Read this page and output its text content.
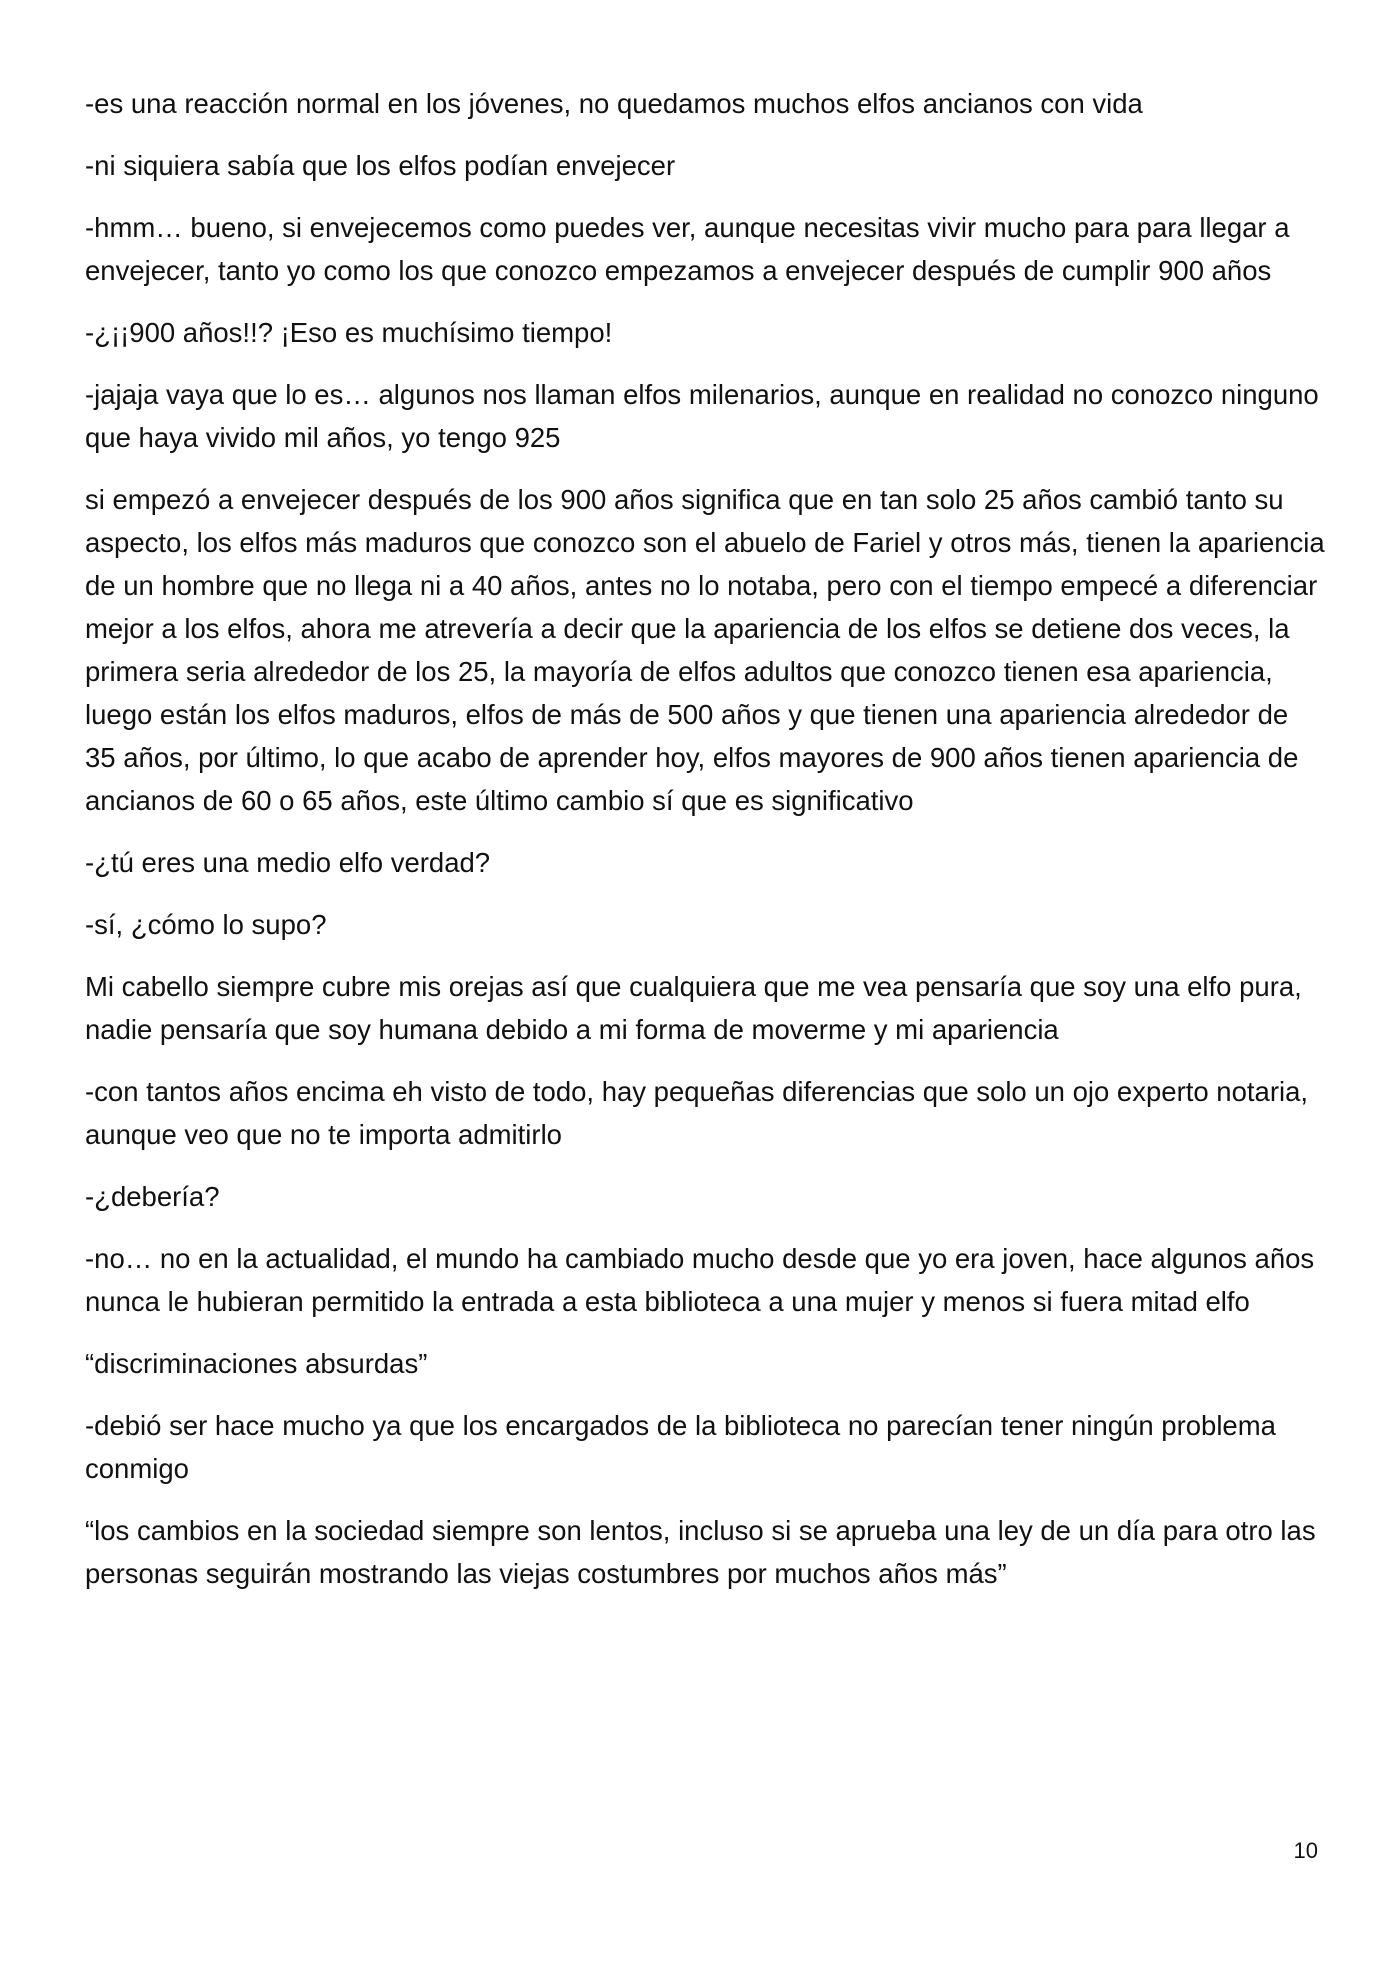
-es una reacción normal en los jóvenes, no quedamos muchos elfos ancianos con vida

-ni siquiera sabía que los elfos podían envejecer

-hmm… bueno, si envejecemos como puedes ver, aunque necesitas vivir mucho para para llegar a envejecer, tanto yo como los que conozco empezamos a envejecer después de cumplir 900 años

-¿¡¡900 años!!? ¡Eso es muchísimo tiempo!

-jajaja vaya que lo es… algunos nos llaman elfos milenarios, aunque en realidad no conozco ninguno que haya vivido mil años, yo tengo 925

si empezó a envejecer después de los 900 años significa que en tan solo 25 años cambió tanto su aspecto, los elfos más maduros que conozco son el abuelo de Fariel y otros más, tienen la apariencia de un hombre que no llega ni a 40 años, antes no lo notaba, pero con el tiempo empecé a diferenciar mejor a los elfos, ahora me atrevería a decir que la apariencia de los elfos se detiene dos veces, la primera seria alrededor de los 25, la mayoría de elfos adultos que conozco tienen esa apariencia, luego están los elfos maduros, elfos de más de 500 años y que tienen una apariencia alrededor de 35 años, por último, lo que acabo de aprender hoy, elfos mayores de 900 años tienen apariencia de ancianos de 60 o 65 años, este último cambio sí que es significativo

-¿tú eres una medio elfo verdad?

-sí, ¿cómo lo supo?

Mi cabello siempre cubre mis orejas así que cualquiera que me vea pensaría que soy una elfo pura, nadie pensaría que soy humana debido a mi forma de moverme y mi apariencia

-con tantos años encima eh visto de todo, hay pequeñas diferencias que solo un ojo experto notaria, aunque veo que no te importa admitirlo

-¿debería?

-no… no en la actualidad, el mundo ha cambiado mucho desde que yo era joven, hace algunos años nunca le hubieran permitido la entrada a esta biblioteca a una mujer y menos si fuera mitad elfo

“discriminaciones absurdas”

-debió ser hace mucho ya que los encargados de la biblioteca no parecían tener ningún problema conmigo

“los cambios en la sociedad siempre son lentos, incluso si se aprueba una ley de un día para otro las personas seguirán mostrando las viejas costumbres por muchos años más”

10
